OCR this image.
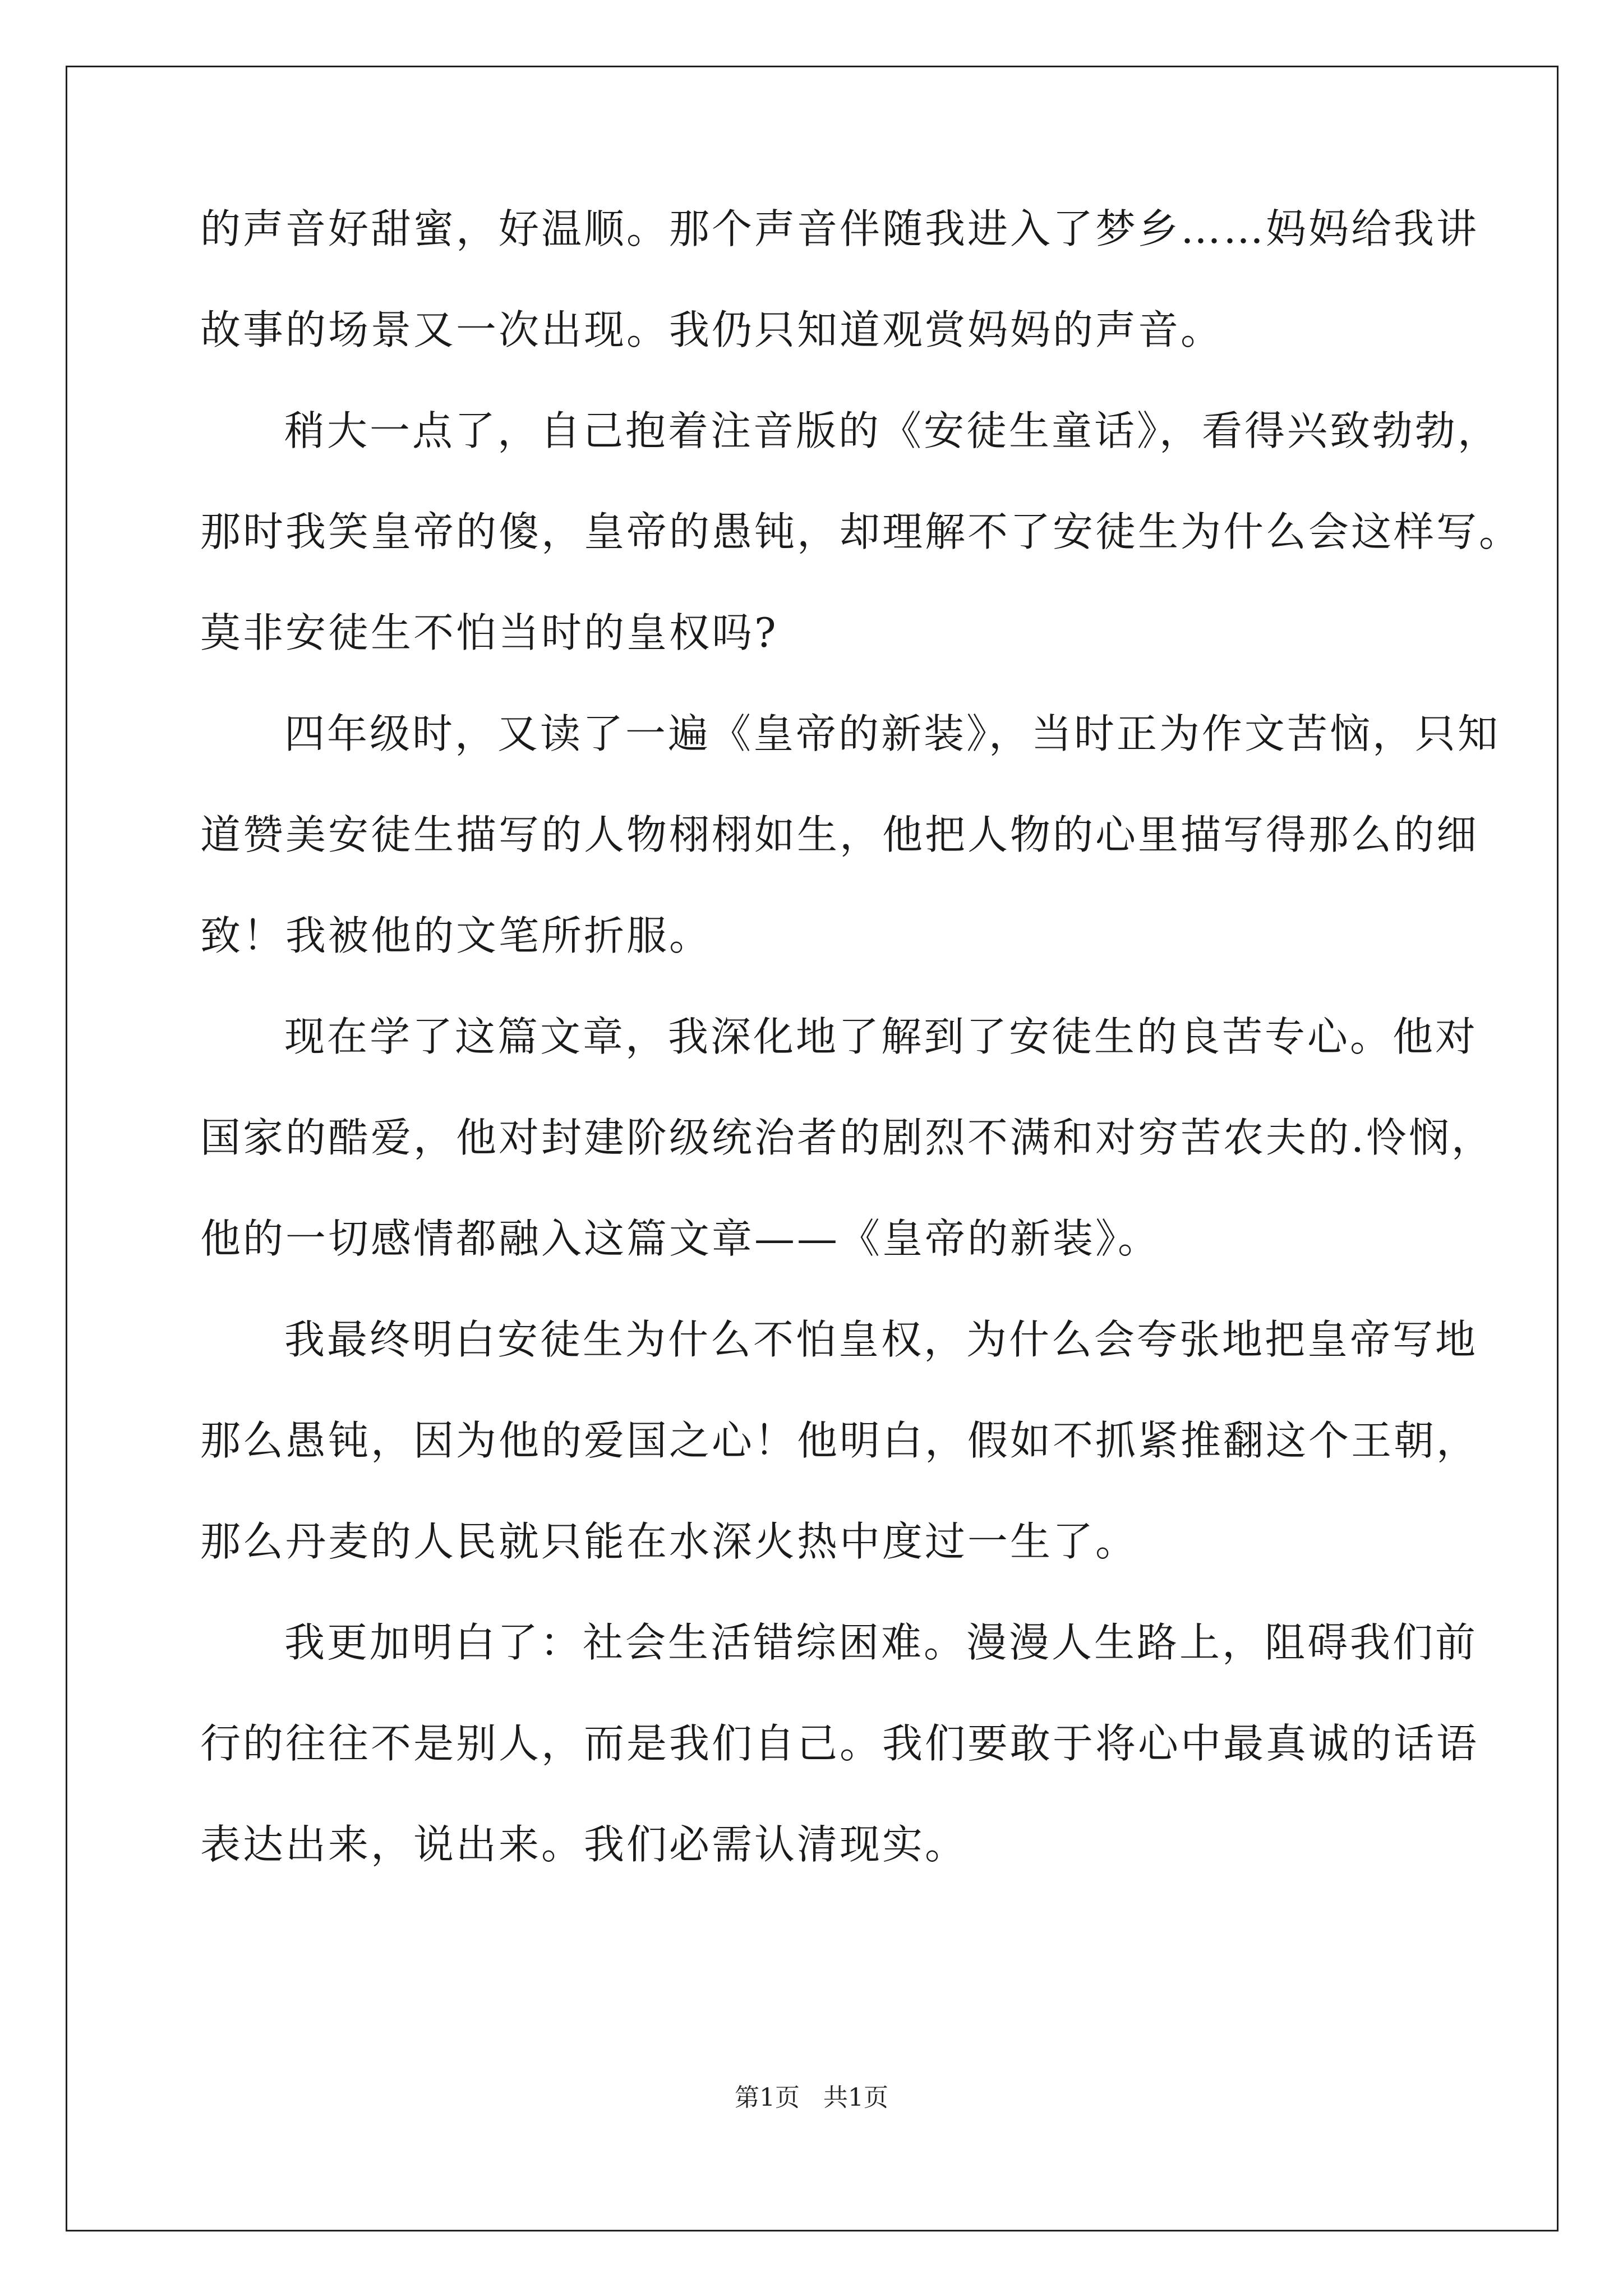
的声音好甜蜜，好温顺。那个声音伴随我进入了梦乡……妈妈给我讲
故事的场景又一次出现。我仍只知道观赏妈妈的声音。
稍大一点了，自己抱着注音版的《安徒生童话》，看得兴致勃勃，
那时我笑皇帝的傻，皇帝的愚钝，却理解不了安徒生为什么会这样写。
莫非安徒生不怕当时的皇权吗?
四年级时，又读了一遍《皇帝的新装》，当时正为作文苦恼，只知
道赞美安徒生描写的人物栩栩如生，他把人物的心里描写得那么的细
致！我被他的文笔所折服。
现在学了这篇文章，我深化地了解到了安徒生的良苦专心。他对
国家的酷爱，他对封建阶级统治者的剧烈不满和对穷苦农夫的.怜悯，
他的一切感情都融入这篇文章——《皇帝的新装》。
我最终明白安徒生为什么不怕皇权，为什么会夸张地把皇帝写地
那么愚钝，因为他的爱国之心！他明白，假如不抓紧推翻这个王朝，
那么丹麦的人民就只能在水深火热中度过一生了。
我更加明白了：社会生活错综困难。漫漫人生路上，阻碍我们前
行的往往不是别人，而是我们自己。我们要敢于将心中最真诚的话语
表达出来，说出来。我们必需认清现实。
第1页   共1页
